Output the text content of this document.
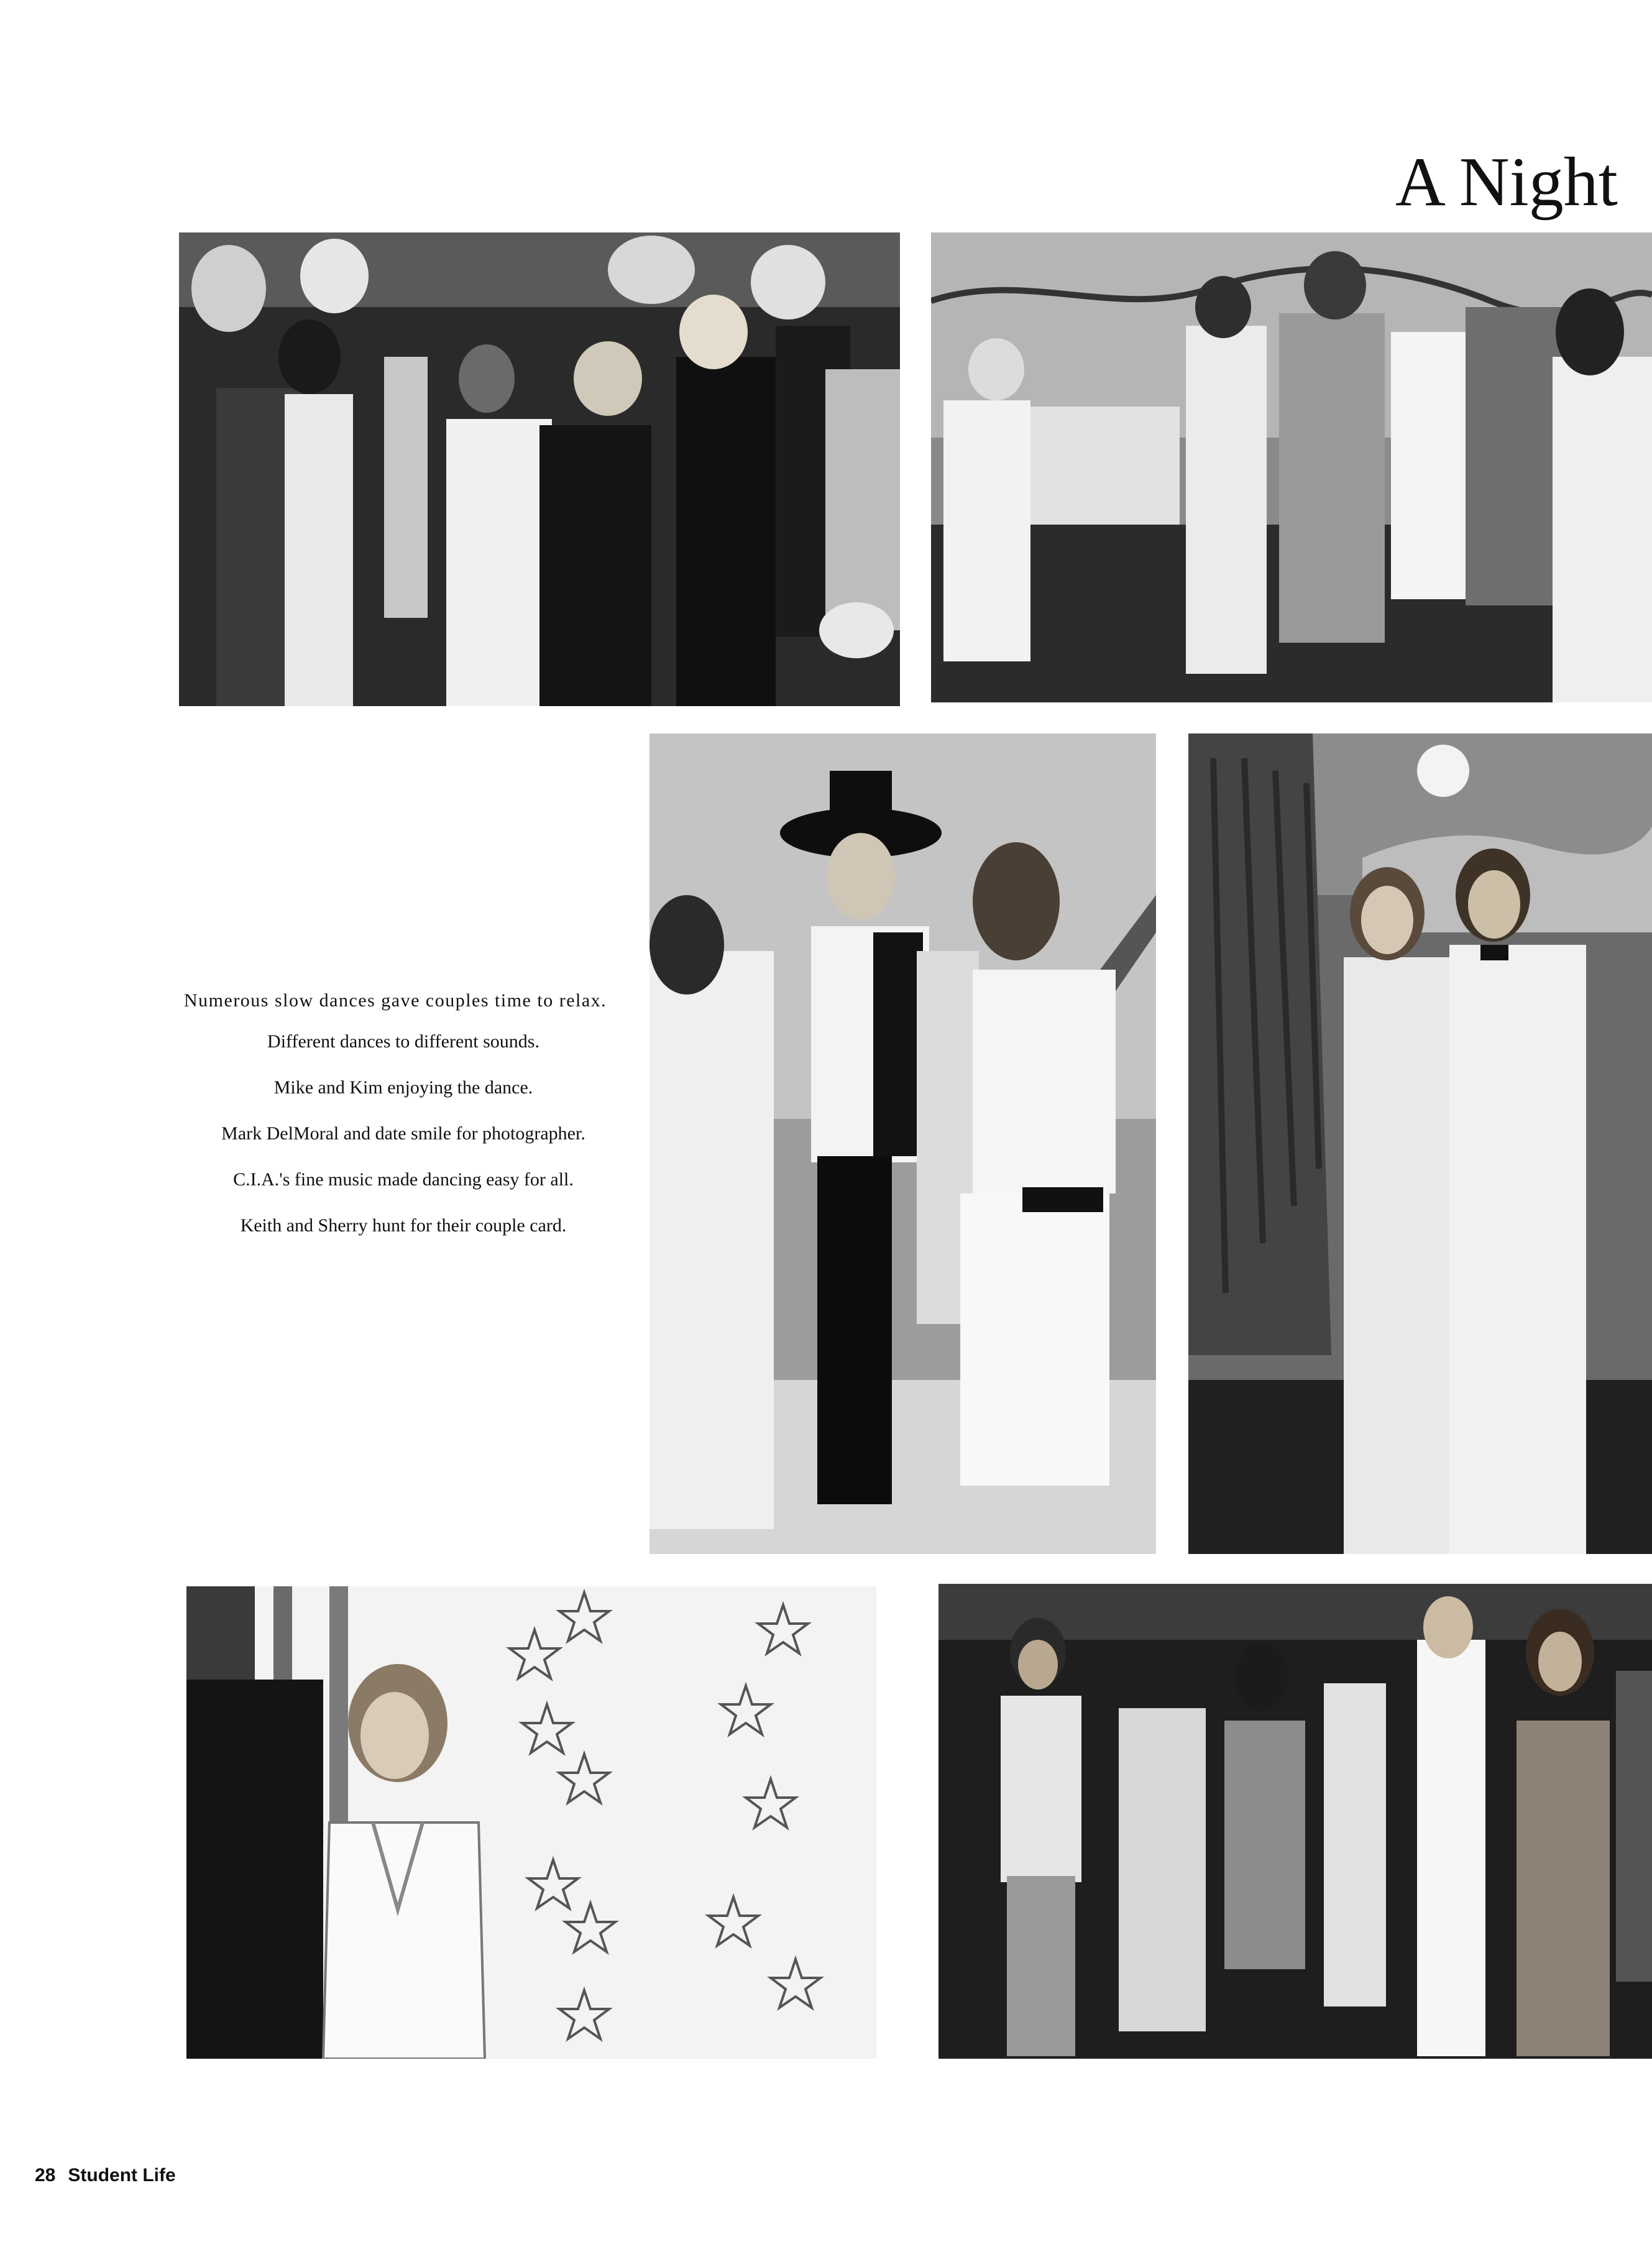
A Night

Numerous slow dances gave couples time to relax.

Different dances to different sounds.

Mike and Kim enjoying the dance.

Mark DelMoral and date smile for photographer.

C.I.A.'s fine music made dancing easy for all.

Keith and Sherry hunt for their couple card.

28 Student Life
